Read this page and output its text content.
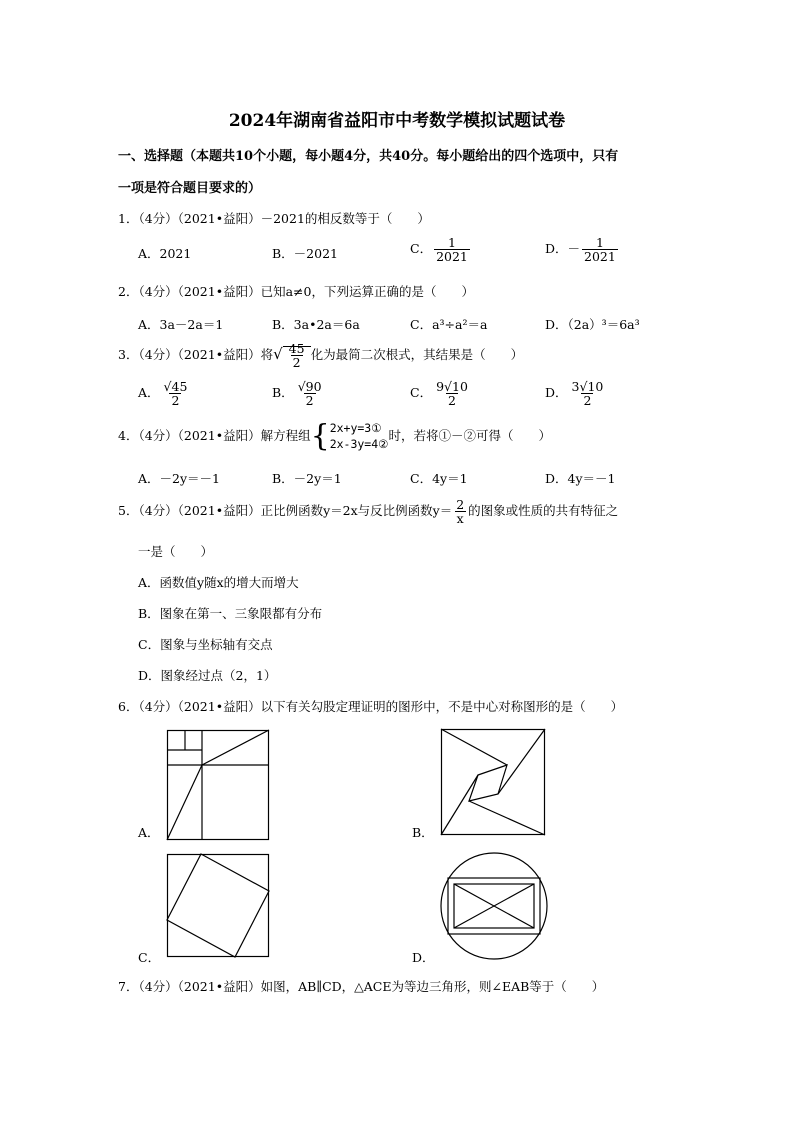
2024年湖南省益阳市中考数学模拟试题试卷
一、选择题（本题共10个小题，每小题4分，共40分。每小题给出的四个选项中，只有
一项是符合题目要求的）
1．（4分）（2021•益阳）－2021的相反数等于（　　）
A．2021	B．－2021	C． $\frac{1}{2021}$	D．－ $\frac{1}{2021}$
2．（4分）（2021•益阳）已知a≠0，下列运算正确的是（　　）
A．3a－2a＝1	B．3a•2a＝6a	C．a³÷a²＝a	D．（2a）³＝6a³
3．（4分）（2021•益阳）将√ $\frac{45}{2}$ 化为最简二次根式，其结果是（　　）
A． $\frac{√45}{2}$	B． $\frac{√90}{2}$	C． $\frac{9√10}{2}$	D． $\frac{3√10}{2}$
4．（4分）（2021•益阳）解方程组{ 2x+y=3①
2x-3y=4②
时，若将①－②可得（　　）
A．－2y＝－1	B．－2y＝1	C．4y＝1	D．4y＝－1
5．（4分）（2021•益阳）正比例函数y＝2x与反比例函数$y= \frac{2}{x}$ 的图象或性质的共有特征之
一是（　　）
A．函数值y随x的增大而增大
B．图象在第一、三象限都有分布
C．图象与坐标轴有交点
D．图象经过点（2，1）
6．（4分）（2021•益阳）以下有关勾股定理证明的图形中，不是中心对称图形的是（　　）
A．	B．
C．	D．
7．（4分）（2021•益阳）如图，AB∥CD，△ACE为等边三角形，则∠EAB等于（　　）
